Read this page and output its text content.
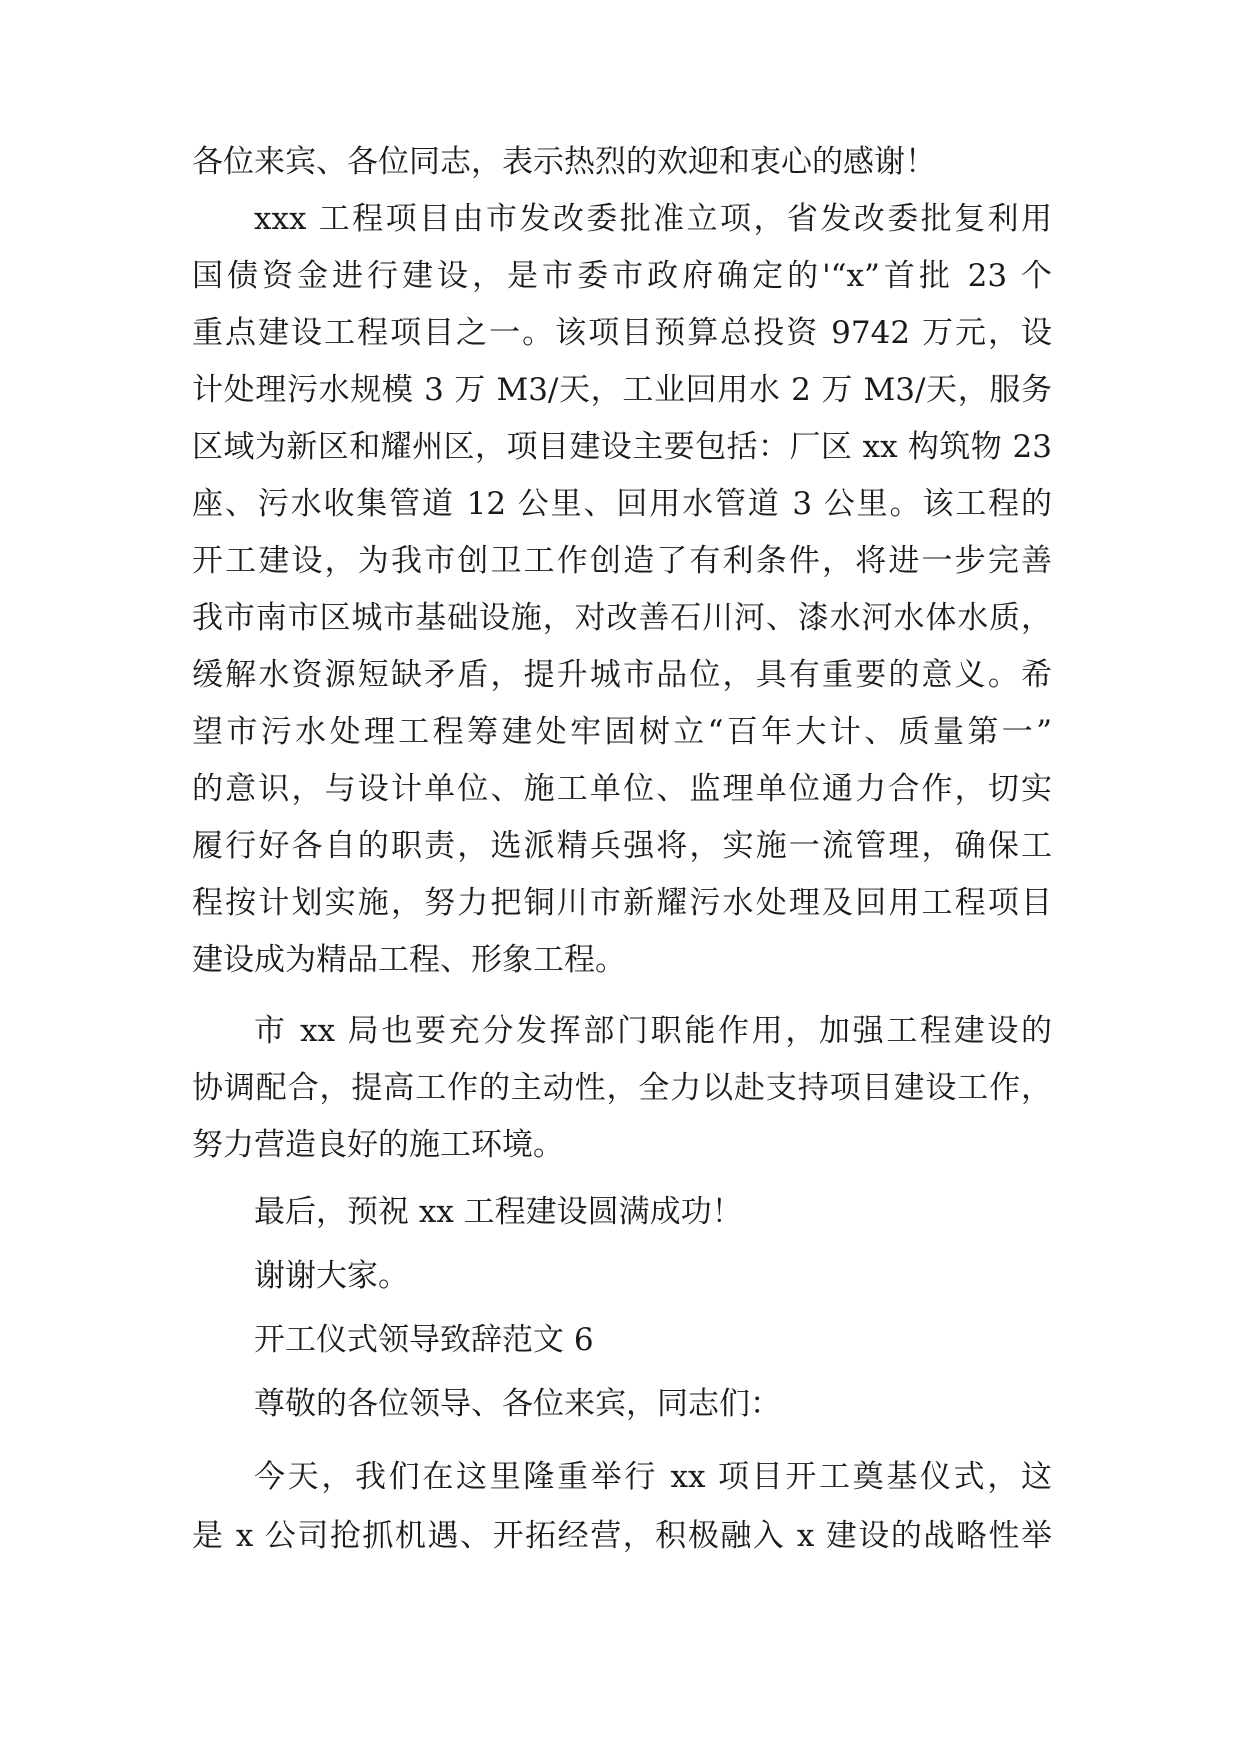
各位来宾、各位同志，表示热烈的欢迎和衷心的感谢！
xxx 工程项目由市发改委批准立项，省发改委批复利用
国债资金进行建设，是市委市政府确定的'“x”首批 23 个
重点建设工程项目之一。该项目预算总投资 9742 万元，设
计处理污水规模 3 万 M3/天，工业回用水 2 万 M3/天，服务
区域为新区和耀州区，项目建设主要包括：厂区 xx 构筑物 23
座、污水收集管道 12 公里、回用水管道 3 公里。该工程的
开工建设，为我市创卫工作创造了有利条件，将进一步完善
我市南市区城市基础设施，对改善石川河、漆水河水体水质，
缓解水资源短缺矛盾，提升城市品位，具有重要的意义。希
望市污水处理工程筹建处牢固树立“百年大计、质量第一”
的意识，与设计单位、施工单位、监理单位通力合作，切实
履行好各自的职责，选派精兵强将，实施一流管理，确保工
程按计划实施，努力把铜川市新耀污水处理及回用工程项目
建设成为精品工程、形象工程。
市 xx 局也要充分发挥部门职能作用，加强工程建设的
协调配合，提高工作的主动性，全力以赴支持项目建设工作，
努力营造良好的施工环境。
最后，预祝 xx 工程建设圆满成功！
谢谢大家。
开工仪式领导致辞范文 6
尊敬的各位领导、各位来宾，同志们：
今天，我们在这里隆重举行 xx 项目开工奠基仪式，这
是 x 公司抢抓机遇、开拓经营，积极融入 x 建设的战略性举
